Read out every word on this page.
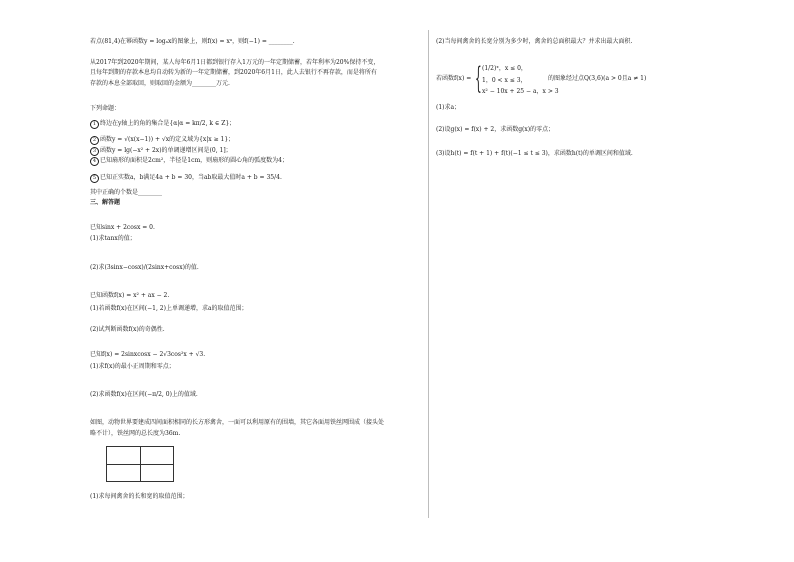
若点(81,4)在幂函数y = logₐx的图象上，则f(x) = xᵃ，则f(−1) = ________.
从2017年到2020年期间，某人每年6月1日都到银行存入1万元的一年定期储蓄，若年利率为20%保持不变，
且每年到期的存款本息均自动转为新的一年定期储蓄，到2020年6月1日，此人去银行不再存款，而是将所有
存款的本息全部取回，则取回的金额为________万元.
下列命题：
1 终边在y轴上的角的集合是{α|α = kπ/2, k ∈ Z}；
2 函数y = √(x(x−1)) + √x的定义域为{x|x ≥ 1}；
3 函数y = lg(−x² + 2x)的单调递增区间是(0, 1]；
4 已知扇形的面积是2cm²，半径是1cm，则扇形的圆心角的弧度数为4；
5 已知正实数a，b满足4a + b = 30，当ab取最大值时a + b = 35/4.
其中正确的个数是________
三、解答题
已知sinx + 2cosx = 0.
(1)求tanx的值；
(2)求(3sinx−cosx)/(2sinx+cosx)的值.
已知函数f(x) = x² + ax − 2.
(1)若函数f(x)在区间(−1, 2)上单调递增，求a的取值范围；
(2)试判断函数f(x)的奇偶性.
已知f(x) = 2sinxcosx − 2√3cos²x + √3.
(1)求f(x)的最小正周期和零点；
(2)求函数f(x)在区间(−π/2, 0)上的值域.
如图，动物世界要建成四间面积相同的长方形禽舍，一面可以利用原有的围墙，其它各面用铁丝网围成（接头处
略不计），铁丝网的总长度为36m.

(1)求每间禽舍的长和宽的取值范围；
(2)当每间禽舍的长宽分别为多少时，禽舍的总面积最大？并求出最大面积.
若函数f(x) = { (1/2)ˣ，x ≤ 0，
1，0 < x ≤ 3，
x² − 10x + 25 − a，x > 3
的图象经过点Q(3,6)(a > 0且a ≠ 1)
(1)求a；
(2)设g(x) = f(x) + 2，求函数g(x)的零点；
(3)设h(t) = f(t + 1) + f(t)(−1 ≤ t ≤ 3)，求函数h(t)的单调区间和值域.
